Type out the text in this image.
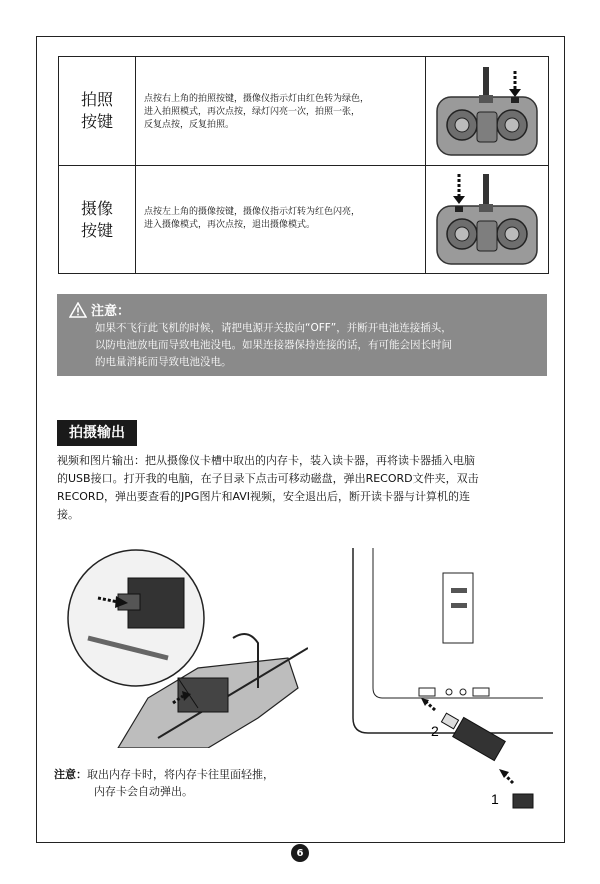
拍照
按键
点按右上角的拍照按键，摄像仪指示灯由红色转为绿色，
进入拍照模式，再次点按，绿灯闪亮一次，拍照一张，
反复点按，反复拍照。
摄像
按键
点按左上角的摄像按键，摄像仪指示灯转为红色闪亮，
进入摄像模式，再次点按，退出摄像模式。
注意：
如果不飞行此飞机的时候，请把电源开关拔向“OFF”，并断开电池连接插头，
以防电池放电而导致电池没电。如果连接器保持连接的话，有可能会因长时间
的电量消耗而导致电池没电。
拍摄输出
视频和图片输出：把从摄像仪卡槽中取出的内存卡，装入读卡器，再将读卡器插入电脑
的USB接口。打开我的电脑，在子目录下点击可移动磁盘，弹出RECORD文件夹，双击
RECORD，弹出要查看的JPG图片和AVI视频，安全退出后，断开读卡器与计算机的连
接。
2
1
注意：取出内存卡时，将内存卡往里面轻推，
内存卡会自动弹出。
6
